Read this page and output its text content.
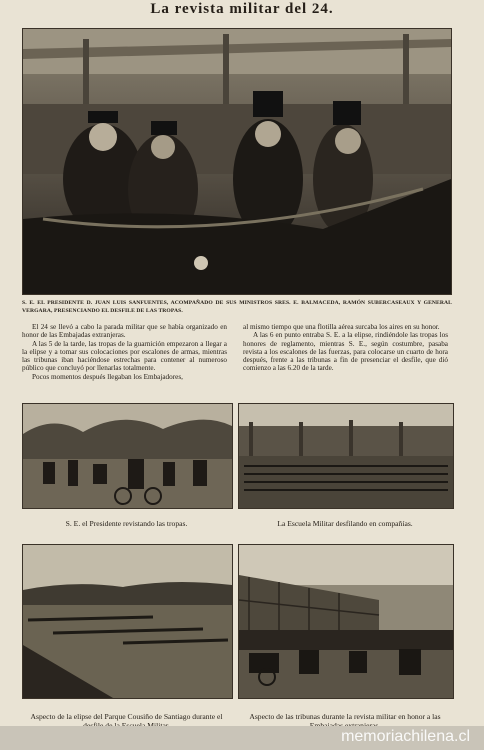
La revista militar del 24.
S. E. EL PRESIDENTE D. JUAN LUIS SANFUENTES, ACOMPAÑADO DE SUS MINISTROS SRES. E. BALMACEDA, RAMÓN SUBERCASEAUX Y GENERAL VERGARA, PRESENCIANDO EL DESFILE DE LAS TROPAS.

El 24 se llevó a cabo la parada militar que se había organizado en honor de las Embajadas extranjeras.

A las 5 de la tarde, las tropas de la guarnición empezaron a llegar a la elipse y a tomar sus colocaciones por escalones de armas, mientras las tribunas iban haciéndose estrechas para contener al numeroso público que concluyó por llenarlas totalmente.

Pocos momentos después llegaban los Embajadores,

al mismo tiempo que una flotilla aérea surcaba los aires en su honor.

A las 6 en punto entraba S. E. a la elipse, rindiéndole las tropas los honores de reglamento, mientras S. E., según costumbre, pasaba revista a los escalones de las fuerzas, para colocarse un cuarto de hora después, frente a las tribunas a fin de presenciar el desfile, que dió comienzo a las 6.20 de la tarde.

S. E. el Presidente revistando las tropas.	La Escuela Militar desfilando en compañías.
Aspecto de la elipse del Parque Cousiño de Santiago durante el	Aspecto de las tribunas durante la revista militar en honor a las
memoriachilena.cl
